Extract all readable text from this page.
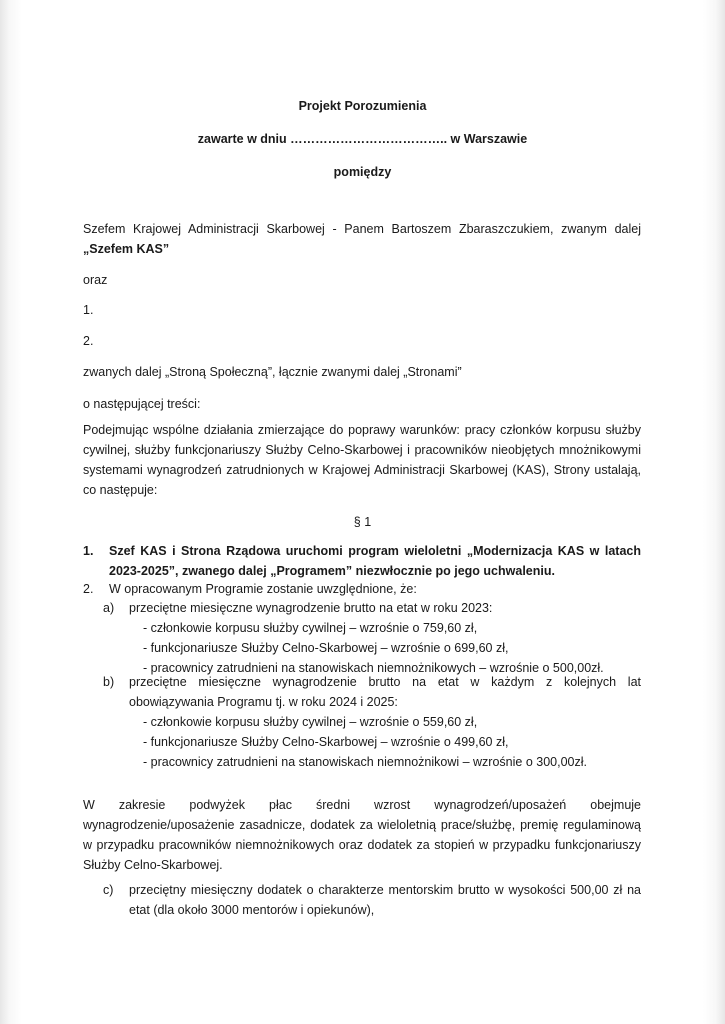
Projekt Porozumienia
zawarte w dniu ……………………………….. w Warszawie
pomiędzy
Szefem Krajowej Administracji Skarbowej - Panem Bartoszem Zbaraszczukiem, zwanym dalej
„Szefem KAS”
oraz
1.
2.
zwanych dalej „Stroną Społeczną”, łącznie zwanymi dalej „Stronami”
o następującej treści:
Podejmując wspólne działania zmierzające do poprawy warunków: pracy członków korpusu służby cywilnej, służby funkcjonariuszy Służby Celno-Skarbowej i pracowników nieobjętych mnożnikowymi systemami wynagrodzeń zatrudnionych w Krajowej Administracji Skarbowej (KAS), Strony ustalają, co następuje:
§ 1
1. Szef KAS i Strona Rządowa uruchomi program wieloletni „Modernizacja KAS w latach 2023-2025”, zwanego dalej „Programem” niezwłocznie po jego uchwaleniu.
2. W opracowanym Programie zostanie uwzględnione, że:
a) przeciętne miesięczne wynagrodzenie brutto na etat w roku 2023:
- członkowie korpusu służby cywilnej – wzrośnie o 759,60 zł,
- funkcjonariusze Służby Celno-Skarbowej – wzrośnie o 699,60 zł,
- pracownicy zatrudnieni na stanowiskach niemnożnikowych – wzrośnie o 500,00zł.
b) przeciętne miesięczne wynagrodzenie brutto na etat w każdym z kolejnych lat obowiązywania Programu tj. w roku 2024 i 2025:
- członkowie korpusu służby cywilnej – wzrośnie o 559,60 zł,
- funkcjonariusze Służby Celno-Skarbowej – wzrośnie o 499,60 zł,
- pracownicy zatrudnieni na stanowiskach niemnożnikowi – wzrośnie o 300,00zł.
W zakresie podwyżek płac średni wzrost wynagrodzeń/uposażeń obejmuje wynagrodzenie/uposażenie zasadnicze, dodatek za wieloletnią prace/służbę, premię regulaminową w przypadku pracowników niemnożnikowych oraz dodatek za stopień w przypadku funkcjonariuszy Służby Celno-Skarbowej.
c) przeciętny miesięczny dodatek o charakterze mentorskim brutto w wysokości 500,00 zł na etat (dla około 3000 mentorów i opiekunów),
